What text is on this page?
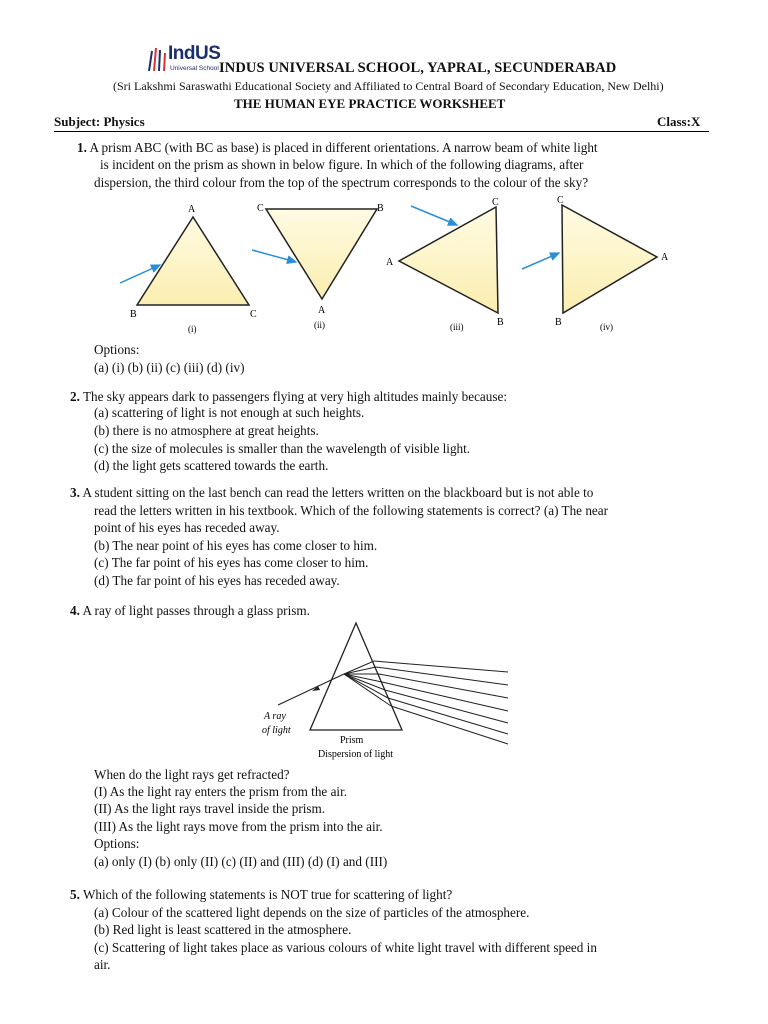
IndUS
Universal School INDUS UNIVERSAL SCHOOL, YAPRAL, SECUNDERABAD
(Sri Lakshmi Saraswathi Educational Society and Affiliated to Central Board of Secondary Education, New Delhi)
THE HUMAN EYE PRACTICE WORKSHEET
Subject: Physics	Class:X
1. A prism ABC (with BC as base) is placed in different orientations. A narrow beam of white light
is incident on the prism as shown in below figure. In which of the following diagrams, after
dispersion, the third colour from the top of the spectrum corresponds to the colour of the sky?
A
B	C
(i)
C	B
A
(ii)
C
A
B
(iii)
C
A
B	(iv)
Options:
(a) (i) (b) (ii) (c) (iii) (d) (iv)
2. The sky appears dark to passengers flying at very high altitudes mainly because:
(a) scattering of light is not enough at such heights.
(b) there is no atmosphere at great heights.
(c) the size of molecules is smaller than the wavelength of visible light.
(d) the light gets scattered towards the earth.
3. A student sitting on the last bench can read the letters written on the blackboard but is not able to
read the letters written in his textbook. Which of the following statements is correct? (a) The near
point of his eyes has receded away.
(b) The near point of his eyes has come closer to him.
(c) The far point of his eyes has come closer to him.
(d) The far point of his eyes has receded away.
4. A ray of light passes through a glass prism.
A ray
of light
Prism
Dispersion of light
When do the light rays get refracted?
(I) As the light ray enters the prism from the air.
(II) As the light rays travel inside the prism.
(III) As the light rays move from the prism into the air.
Options:
(a) only (I) (b) only (II) (c) (II) and (III) (d) (I) and (III)
5. Which of the following statements is NOT true for scattering of light?
(a) Colour of the scattered light depends on the size of particles of the atmosphere.
(b) Red light is least scattered in the atmosphere.
(c) Scattering of light takes place as various colours of white light travel with different speed in
air.
